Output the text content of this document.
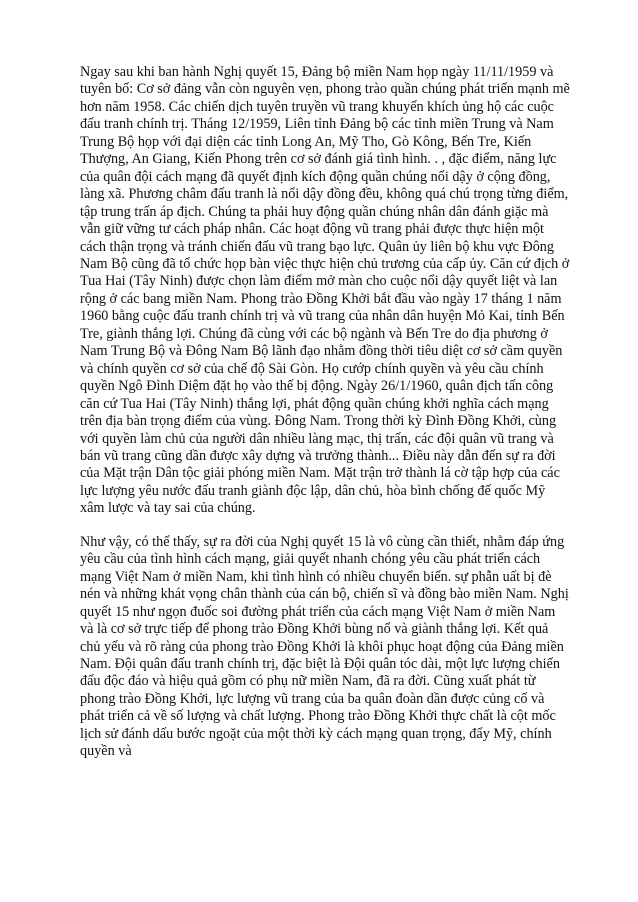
Ngay sau khi ban hành Nghị quyết 15, Đảng bộ miền Nam họp ngày 11/11/1959 và tuyên bố: Cơ sở đảng vẫn còn nguyên vẹn, phong trào quần chúng phát triển mạnh mẽ hơn năm 1958. Các chiến dịch tuyên truyền vũ trang khuyến khích ủng hộ các cuộc đấu tranh chính trị. Tháng 12/1959, Liên tỉnh Đảng bộ các tỉnh miền Trung và Nam Trung Bộ họp với đại diện các tỉnh Long An, Mỹ Tho, Gò Kông, Bến Tre, Kiến Thượng, An Giang, Kiến Phong trên cơ sở đánh giá tình hình. . , đặc điểm, năng lực của quân đội cách mạng đã quyết định kích động quần chúng nổi dậy ở cộng đồng, làng xã. Phương châm đấu tranh là nổi dậy đồng đều, không quá chú trọng từng điểm, tập trung trấn áp địch. Chúng ta phải huy động quần chúng nhân dân đánh giặc mà vẫn giữ vững tư cách pháp nhân. Các hoạt động vũ trang phải được thực hiện một cách thận trọng và tránh chiến đấu vũ trang bạo lực. Quân ủy liên bộ khu vực Đông Nam Bộ cũng đã tổ chức họp bàn việc thực hiện chủ trương của cấp ủy. Căn cứ địch ở Tua Hai (Tây Ninh) được chọn làm điểm mở màn cho cuộc nổi dậy quyết liệt và lan rộng ở các bang miền Nam. Phong trào Đồng Khởi bắt đầu vào ngày 17 tháng 1 năm 1960 bằng cuộc đấu tranh chính trị và vũ trang của nhân dân huyện Mỏ Kai, tỉnh Bến Tre, giành thắng lợi. Chúng đã cùng với các bộ ngành và Bến Tre do địa phương ở Nam Trung Bộ và Đông Nam Bộ lãnh đạo nhằm đồng thời tiêu diệt cơ sở cầm quyền và chính quyền cơ sở của chế độ Sài Gòn. Họ cướp chính quyền và yêu cầu chính quyền Ngô Đình Diệm đặt họ vào thế bị động. Ngày 26/1/1960, quân địch tấn công căn cứ Tua Hai (Tây Ninh) thắng lợi, phát động quần chúng khởi nghĩa cách mạng trên địa bàn trọng điểm của vùng. Đông Nam. Trong thời kỳ Đình Đồng Khởi, cùng với quyền làm chủ của người dân nhiều làng mạc, thị trấn, các đội quân vũ trang và bán vũ trang cũng dần được xây dựng và trưởng thành... Điều này dẫn đến sự ra đời của Mặt trận Dân tộc giải phóng miền Nam. Mặt trận trở thành lá cờ tập hợp của các lực lượng yêu nước đấu tranh giành độc lập, dân chủ, hòa bình chống đế quốc Mỹ xâm lược và tay sai của chúng.

Như vậy, có thể thấy, sự ra đời của Nghị quyết 15 là vô cùng cần thiết, nhằm đáp ứng yêu cầu của tình hình cách mạng, giải quyết nhanh chóng yêu cầu phát triển cách mạng Việt Nam ở miền Nam, khi tình hình có nhiều chuyển biến. sự phẫn uất bị đè nén và những khát vọng chân thành của cán bộ, chiến sĩ và đồng bào miền Nam. Nghị quyết 15 như ngọn đuốc soi đường phát triển của cách mạng Việt Nam ở miền Nam và là cơ sở trực tiếp để phong trào Đồng Khởi bùng nổ và giành thắng lợi. Kết quả chủ yếu và rõ ràng của phong trào Đồng Khởi là khôi phục hoạt động của Đảng miền Nam. Đội quân đấu tranh chính trị, đặc biệt là Đội quân tóc dài, một lực lượng chiến đấu độc đáo và hiệu quả gồm có phụ nữ miền Nam, đã ra đời. Cũng xuất phát từ phong trào Đồng Khởi, lực lượng vũ trang của ba quân đoàn dần được củng cố và phát triển cả về số lượng và chất lượng. Phong trào Đồng Khởi thực chất là cột mốc lịch sử đánh dấu bước ngoặt của một thời kỳ cách mạng quan trọng, đẩy Mỹ, chính quyền và
